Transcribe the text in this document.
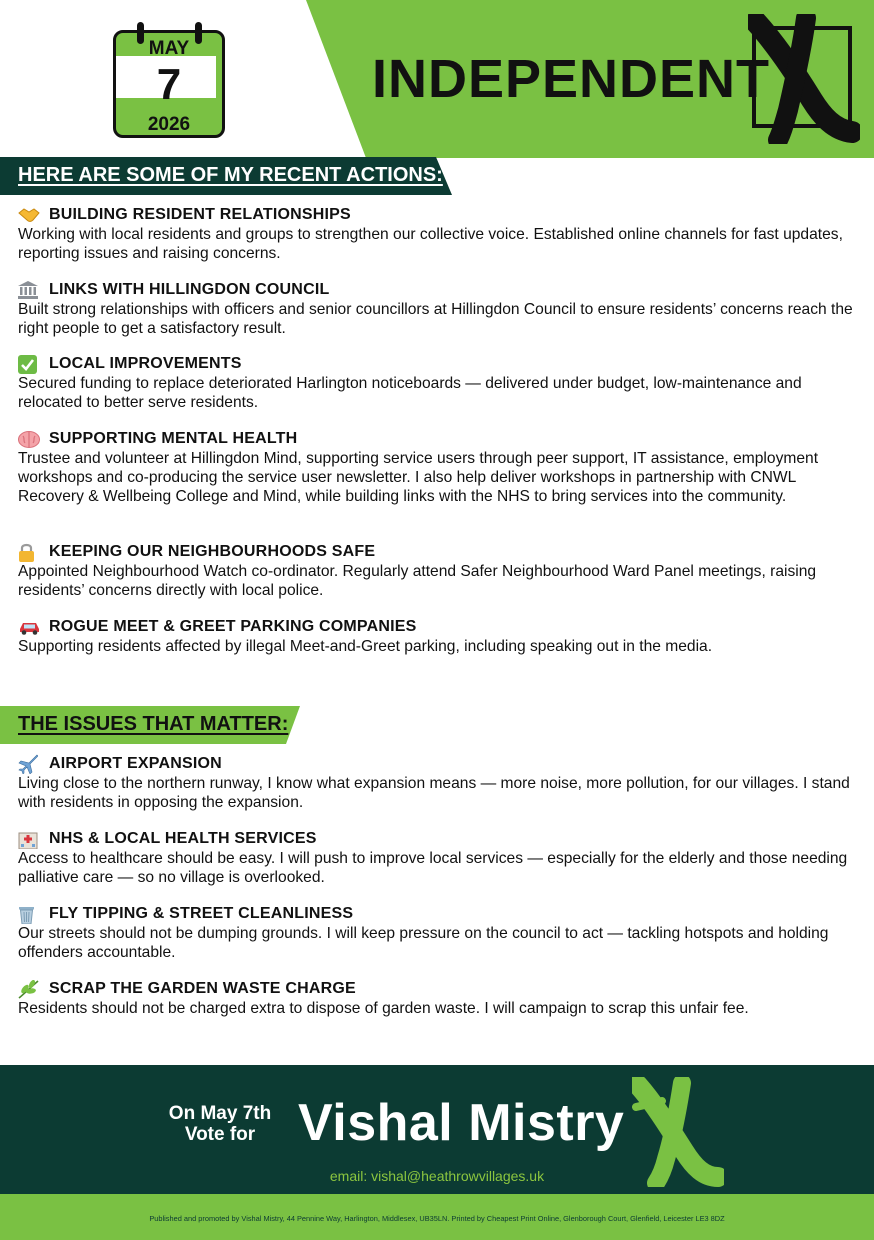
MAY
7
2026
INDEPENDENT
HERE ARE SOME OF MY RECENT ACTIONS:
BUILDING RESIDENT RELATIONSHIPS
Working with local residents and groups to strengthen our collective voice. Established online channels for fast updates, reporting issues and raising concerns.
LINKS WITH HILLINGDON COUNCIL
Built strong relationships with officers and senior councillors at Hillingdon Council to ensure residents’ concerns reach the right people to get a satisfactory result.
LOCAL IMPROVEMENTS
Secured funding to replace deteriorated Harlington noticeboards — delivered under budget, low-maintenance and relocated to better serve residents.
SUPPORTING MENTAL HEALTH
Trustee and volunteer at Hillingdon Mind, supporting service users through peer support, IT assistance, employment workshops and co-producing the service user newsletter. I also help deliver workshops in partnership with CNWL Recovery & Wellbeing College and Mind, while building links with the NHS to bring services into the community.
KEEPING OUR NEIGHBOURHOODS SAFE
Appointed Neighbourhood Watch co-ordinator. Regularly attend Safer Neighbourhood Ward Panel meetings, raising residents’ concerns directly with local police.
ROGUE MEET & GREET PARKING COMPANIES
Supporting residents affected by illegal Meet-and-Greet parking, including speaking out in the media.
THE ISSUES THAT MATTER:
AIRPORT EXPANSION
Living close to the northern runway, I know what expansion means — more noise, more pollution, for our villages. I stand with residents in opposing the expansion.
NHS & LOCAL HEALTH SERVICES
Access to healthcare should be easy. I will push to improve local services — especially for the elderly and those needing palliative care — so no village is overlooked.
FLY TIPPING & STREET CLEANLINESS
Our streets should not be dumping grounds. I will keep pressure on the council to act — tackling hotspots and holding offenders accountable.
SCRAP THE GARDEN WASTE CHARGE
Residents should not be charged extra to dispose of garden waste. I will campaign to scrap this unfair fee.
On May 7th
Vote for Vishal Mistry
email: vishal@heathrowvillages.uk
Published and promoted by Vishal Mistry, 44 Pennine Way, Harlington, Middlesex, UB35LN. Printed by Cheapest Print Online, Glenborough Court, Glenfield, Leicester LE3 8DZ
